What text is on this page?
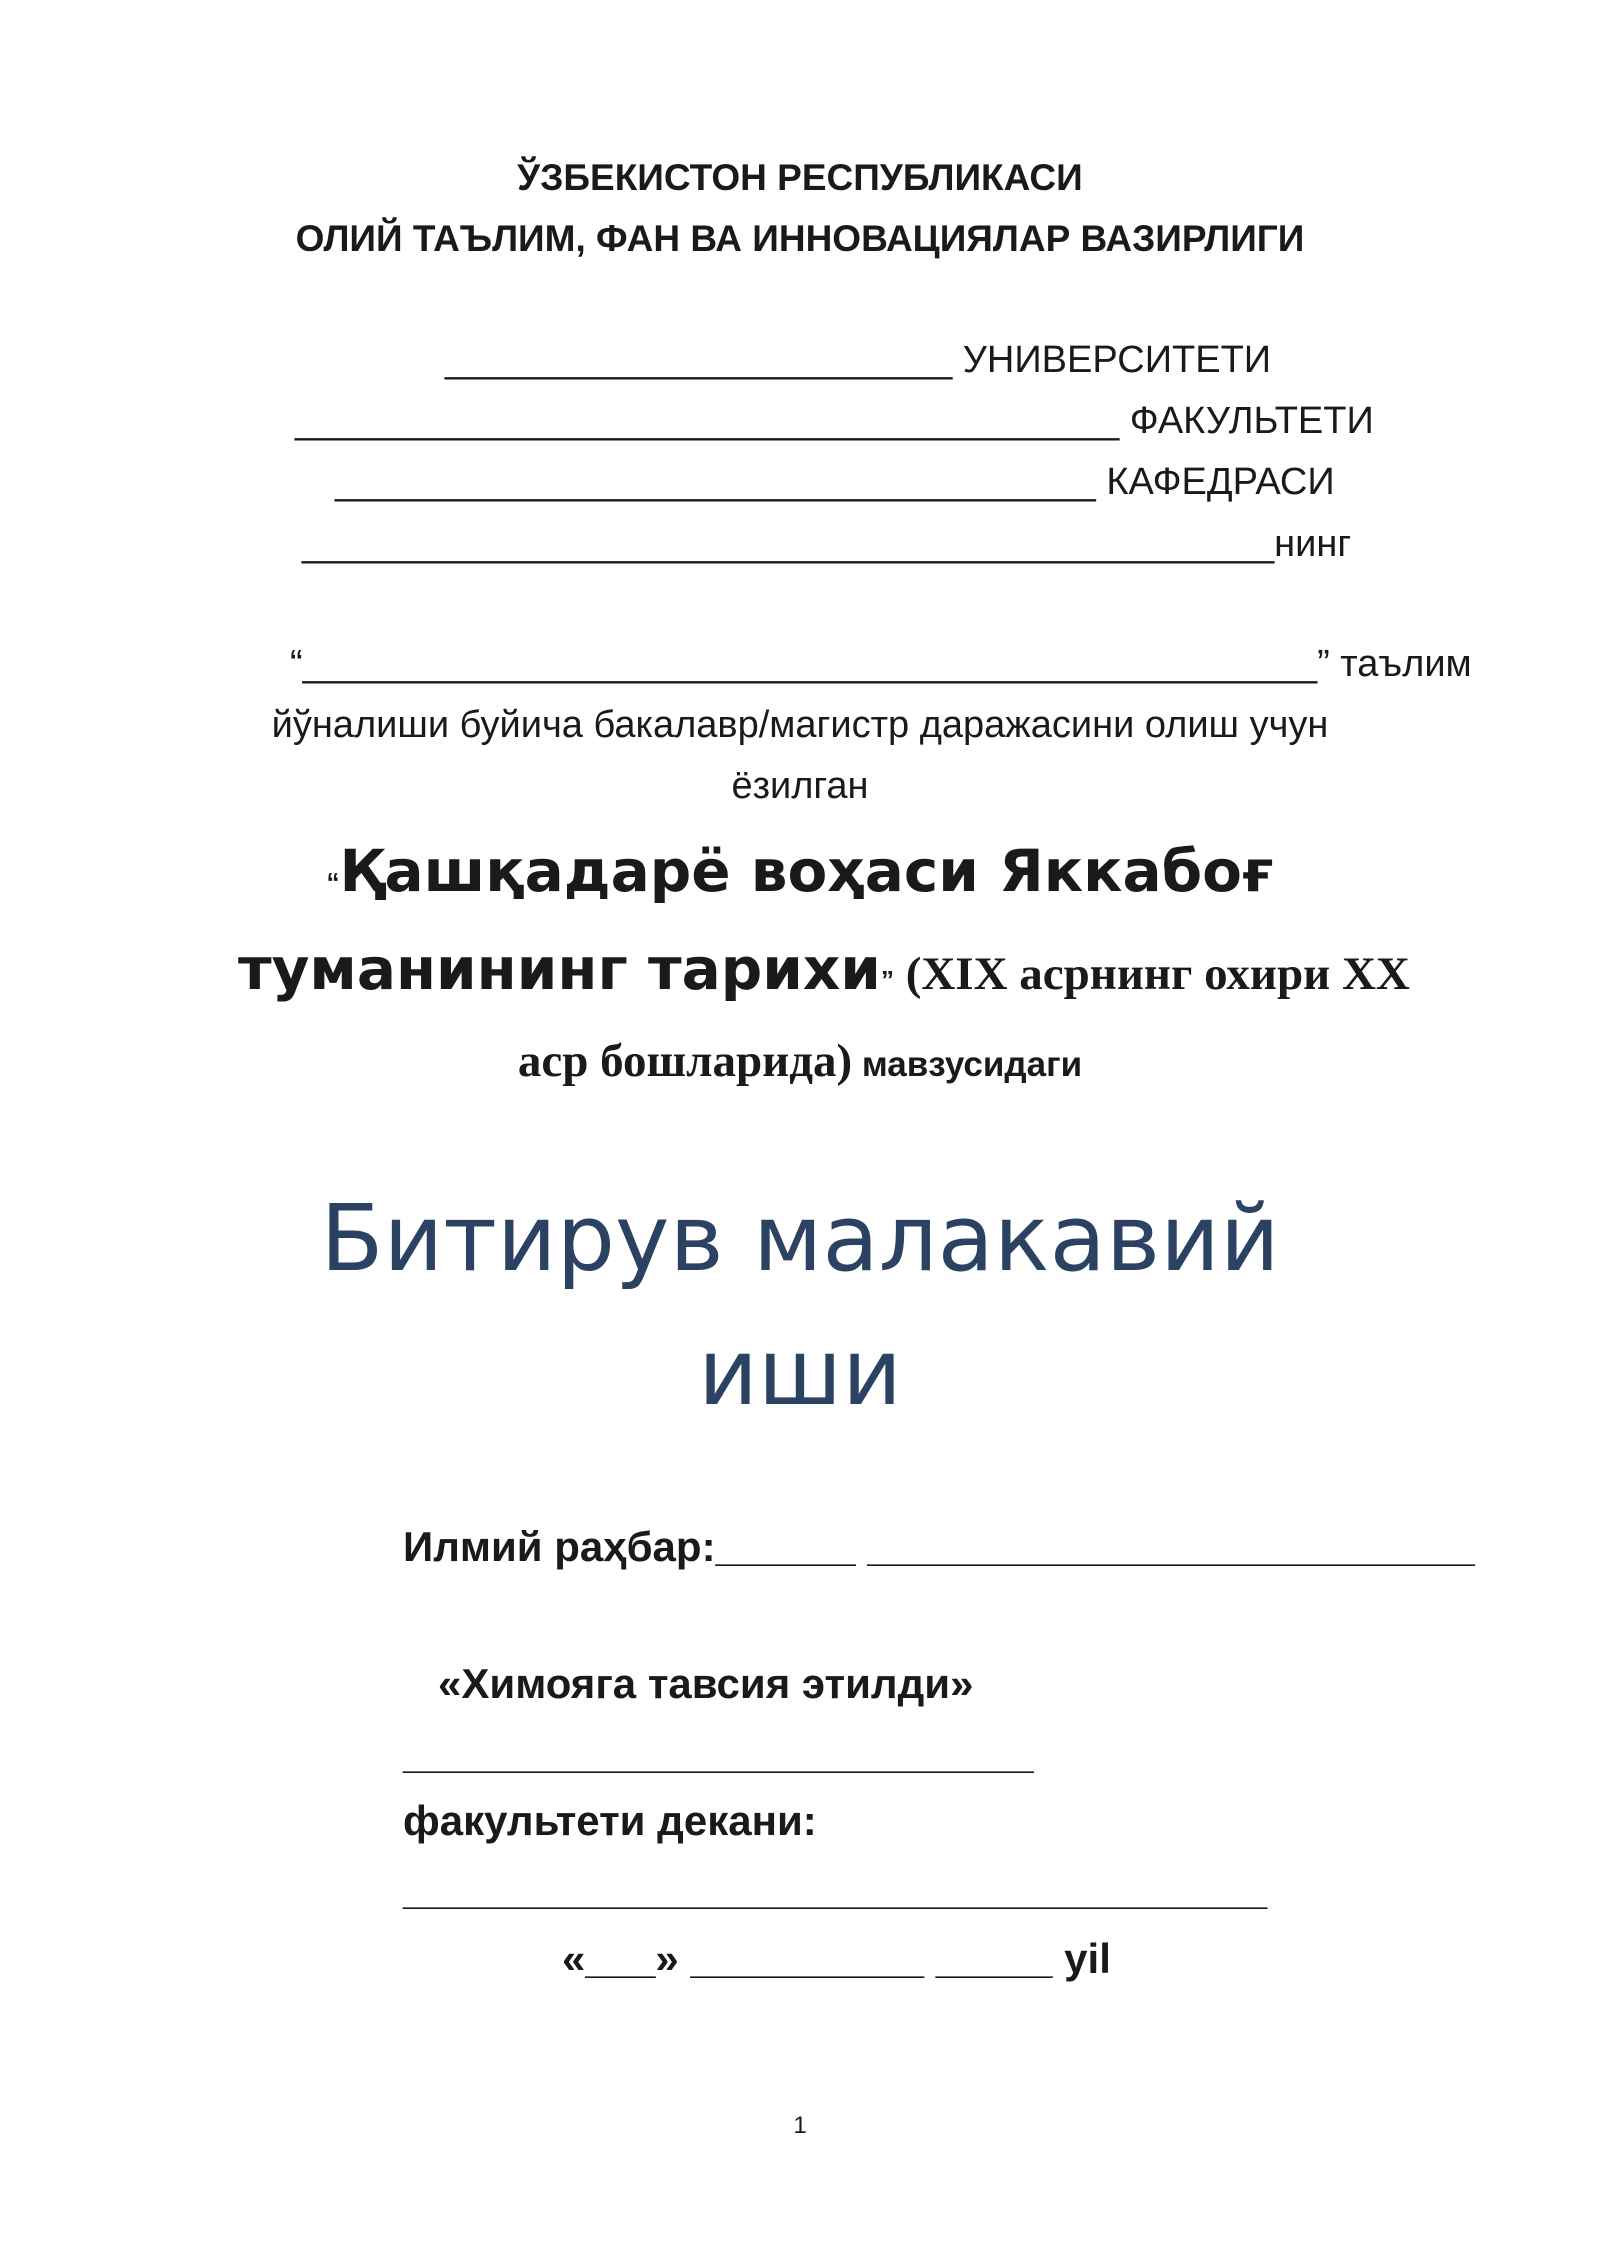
ЎЗБЕКИСТОН РЕСПУБЛИКАСИ
ОЛИЙ ТАЪЛИМ, ФАН ВА ИННОВАЦИЯЛАР ВАЗИРЛИГИ
________________________ УНИВЕРСИТЕТИ
_______________________________________ ФАКУЛЬТЕТИ
____________________________________ КАФЕДРАСИ
______________________________________________нинг
“________________________________________________” таълим
йўналиши буйича бакалавр/магистр даражасини олиш учун
ёзилган
“Қашқадарё воҳаси Яккабоғ
туманининг тарихи” (XIX асрнинг охири XX
аср бошларида) мавзусидаги
Битирув малакавий
иши
Илмий раҳбар:______ __________________________
«Химояга тавсия этилди»
___________________________
факультети декани:
_____________________________________
«___» __________ _____ yil
1
